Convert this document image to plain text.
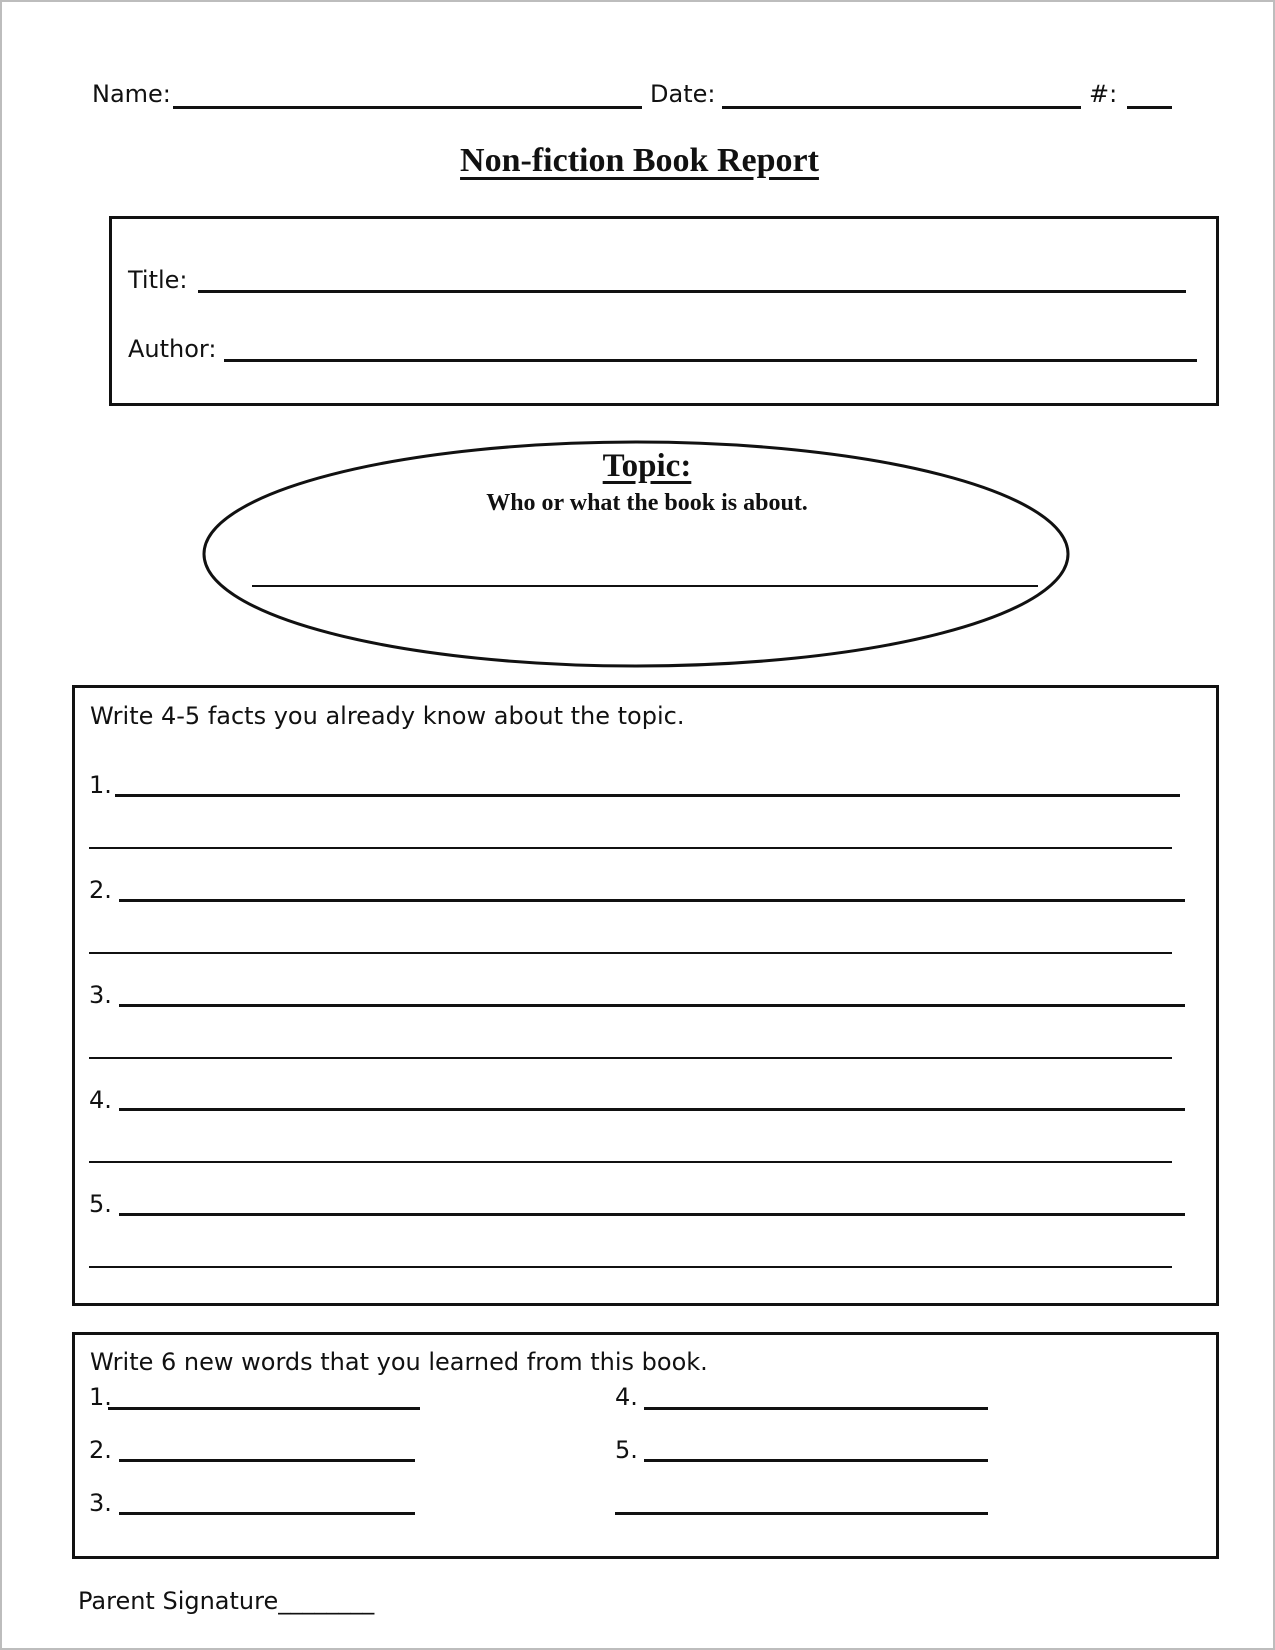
Name:	Date:	#:
Non-fiction Book Report
Title:
Author:
Topic:
Who or what the book is about.
Write 4-5 facts you already know about the topic.
1.
2.
3.
4.
5.
Write 6 new words that you learned from this book.
1.
2.
3.
4.
5.
Parent Signature________
